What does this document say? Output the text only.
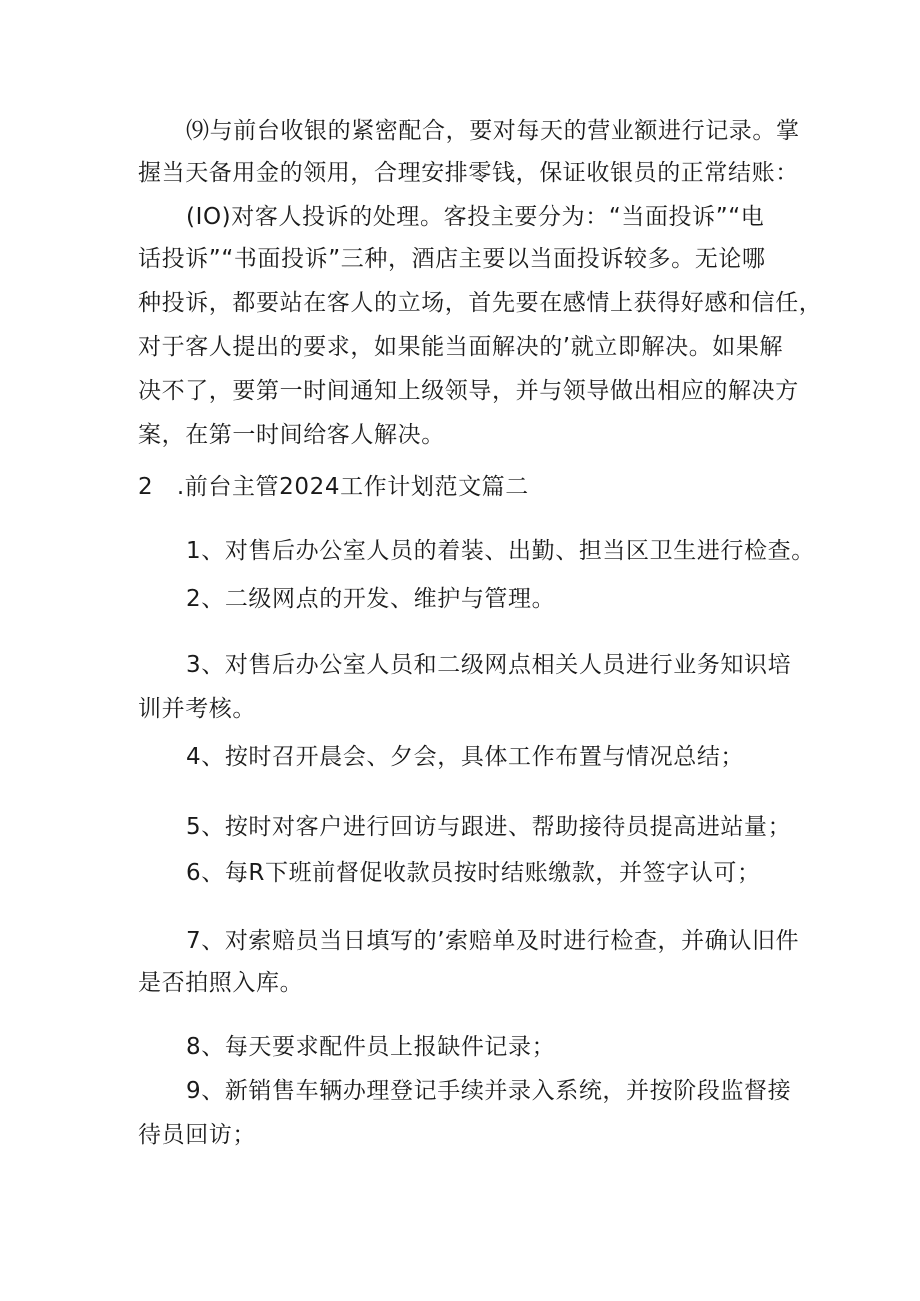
⑼与前台收银的紧密配合，要对每天的营业额进行记录。掌
握当天备用金的领用，合理安排零钱，保证收银员的正常结账：
(IO)对客人投诉的处理。客投主要分为：“当面投诉”“电
话投诉”“书面投诉”三种，酒店主要以当面投诉较多。无论哪
种投诉，都要站在客人的立场，首先要在感情上获得好感和信任，
对于客人提出的要求，如果能当面解决的’就立即解决。如果解
决不了，要第一时间通知上级领导，并与领导做出相应的解决方
案，在第一时间给客人解决。
2 .前台主管2024工作计划范文篇二
1、对售后办公室人员的着装、出勤、担当区卫生进行检查。
2、二级网点的开发、维护与管理。
3、对售后办公室人员和二级网点相关人员进行业务知识培
训并考核。
4、按时召开晨会、夕会，具体工作布置与情况总结；
5、按时对客户进行回访与跟进、帮助接待员提高进站量；
6、每R下班前督促收款员按时结账缴款，并签字认可；
7、对索赔员当日填写的’索赔单及时进行检查，并确认旧件
是否拍照入库。
8、每天要求配件员上报缺件记录；
9、新销售车辆办理登记手续并录入系统，并按阶段监督接
待员回访；
